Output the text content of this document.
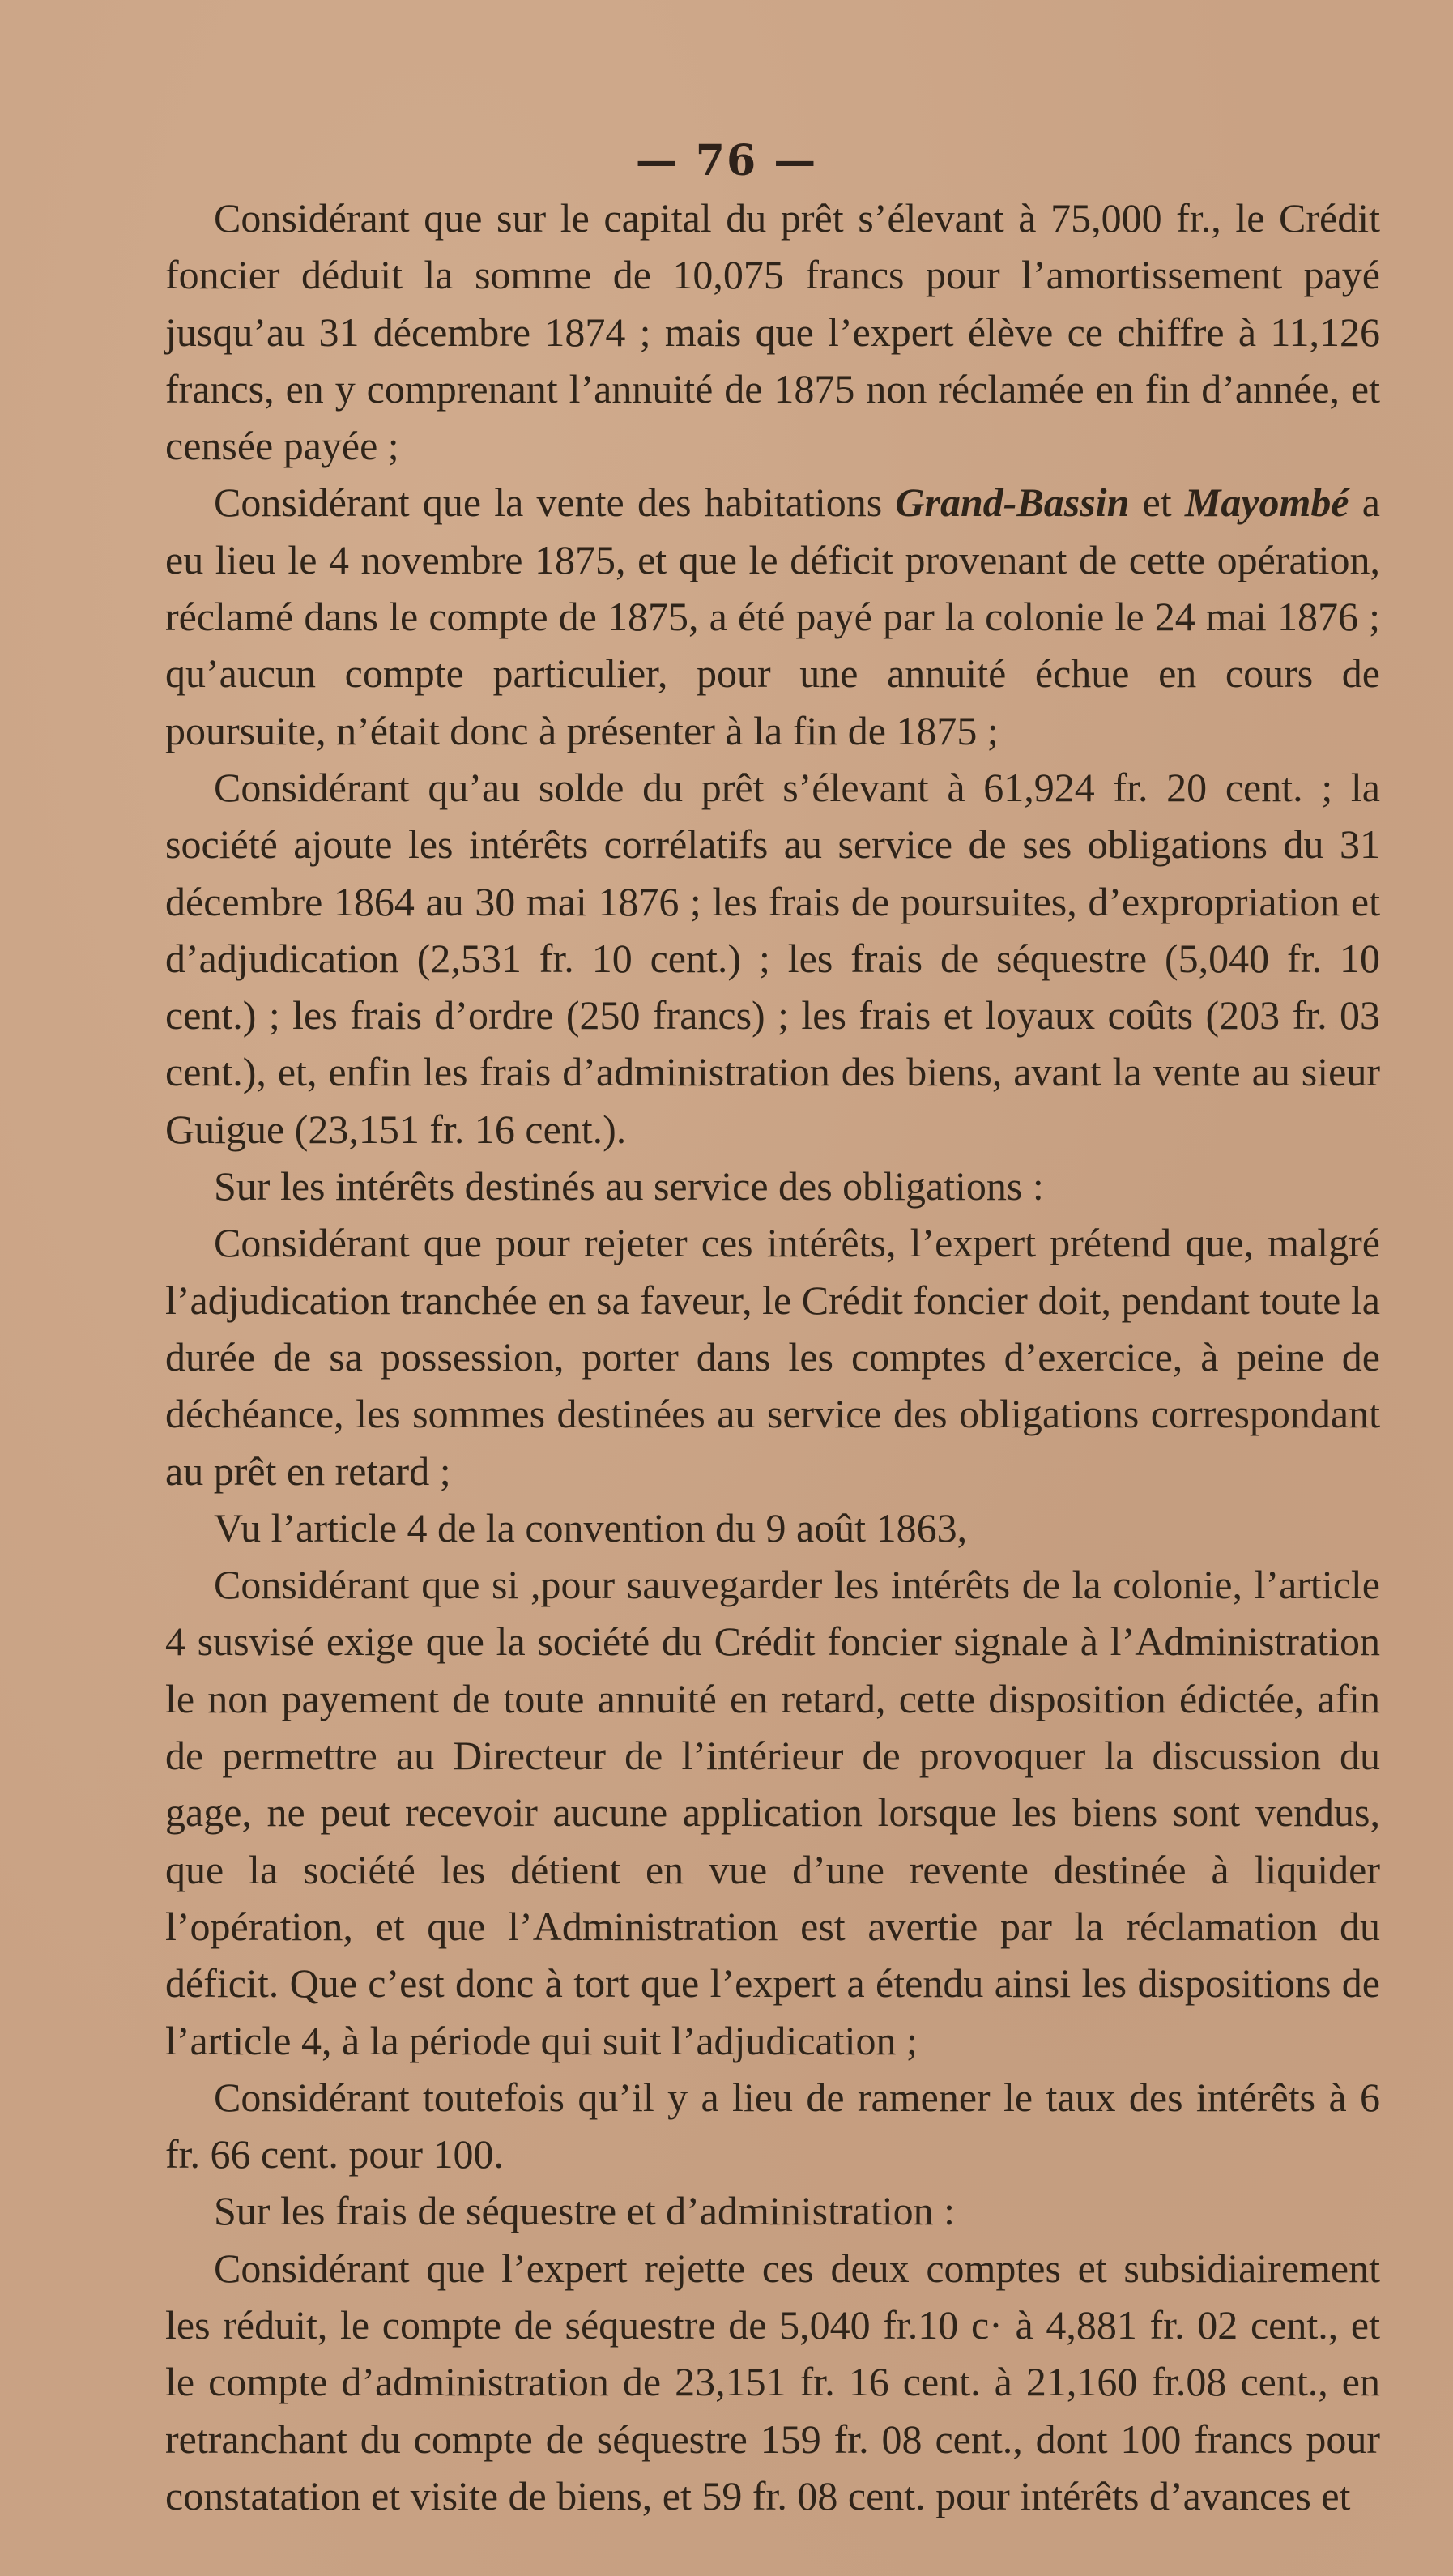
— 76 —

Considérant que sur le capital du prêt s’élevant à 75,000 fr., le Crédit foncier déduit la somme de 10,075 francs pour l’amortissement payé jusqu’au 31 décembre 1874 ; mais que l’expert élève ce chiffre à 11,126 francs, en y comprenant l’annuité de 1875 non réclamée en fin d’année, et censée payée ;

Considérant que la vente des habitations Grand-Bassin et Mayombé a eu lieu le 4 novembre 1875, et que le déficit provenant de cette opération, réclamé dans le compte de 1875, a été payé par la colonie le 24 mai 1876 ; qu’aucun compte particulier, pour une annuité échue en cours de poursuite, n’était donc à présenter à la fin de 1875 ;

Considérant qu’au solde du prêt s’élevant à 61,924 fr. 20 cent. ; la société ajoute les intérêts corrélatifs au service de ses obligations du 31 décembre 1864 au 30 mai 1876 ; les frais de poursuites, d’expropriation et d’adjudication (2,531 fr. 10 cent.) ; les frais de séquestre (5,040 fr. 10 cent.) ; les frais d’ordre (250 francs) ; les frais et loyaux coûts (203 fr. 03 cent.), et, enfin les frais d’administration des biens, avant la vente au sieur Guigue (23,151 fr. 16 cent.).

Sur les intérêts destinés au service des obligations :

Considérant que pour rejeter ces intérêts, l’expert prétend que, malgré l’adjudication tranchée en sa faveur, le Crédit foncier doit, pendant toute la durée de sa possession, porter dans les comptes d’exercice, à peine de déchéance, les sommes destinées au service des obligations correspondant au prêt en retard ;

Vu l’article 4 de la convention du 9 août 1863,

Considérant que si ,pour sauvegarder les intérêts de la colonie, l’article 4 susvisé exige que la société du Crédit foncier signale à l’Administration le non payement de toute annuité en retard, cette disposition édictée, afin de permettre au Directeur de l’intérieur de provoquer la discussion du gage, ne peut recevoir aucune application lorsque les biens sont vendus, que la société les détient en vue d’une revente destinée à liquider l’opération, et que l’Administration est avertie par la réclamation du déficit. Que c’est donc à tort que l’expert a étendu ainsi les dispositions de l’article 4, à la période qui suit l’adjudication ;

Considérant toutefois qu’il y a lieu de ramener le taux des intérêts à 6 fr. 66 cent. pour 100.

Sur les frais de séquestre et d’administration :

Considérant que l’expert rejette ces deux comptes et subsidiairement les réduit, le compte de séquestre de 5,040 fr.10 c· à 4,881 fr. 02 cent., et le compte d’administration de 23,151 fr. 16 cent. à 21,160 fr.08 cent., en retranchant du compte de séquestre 159 fr. 08 cent., dont 100 francs pour constatation et visite de biens, et 59 fr. 08 cent. pour intérêts d’avances et
